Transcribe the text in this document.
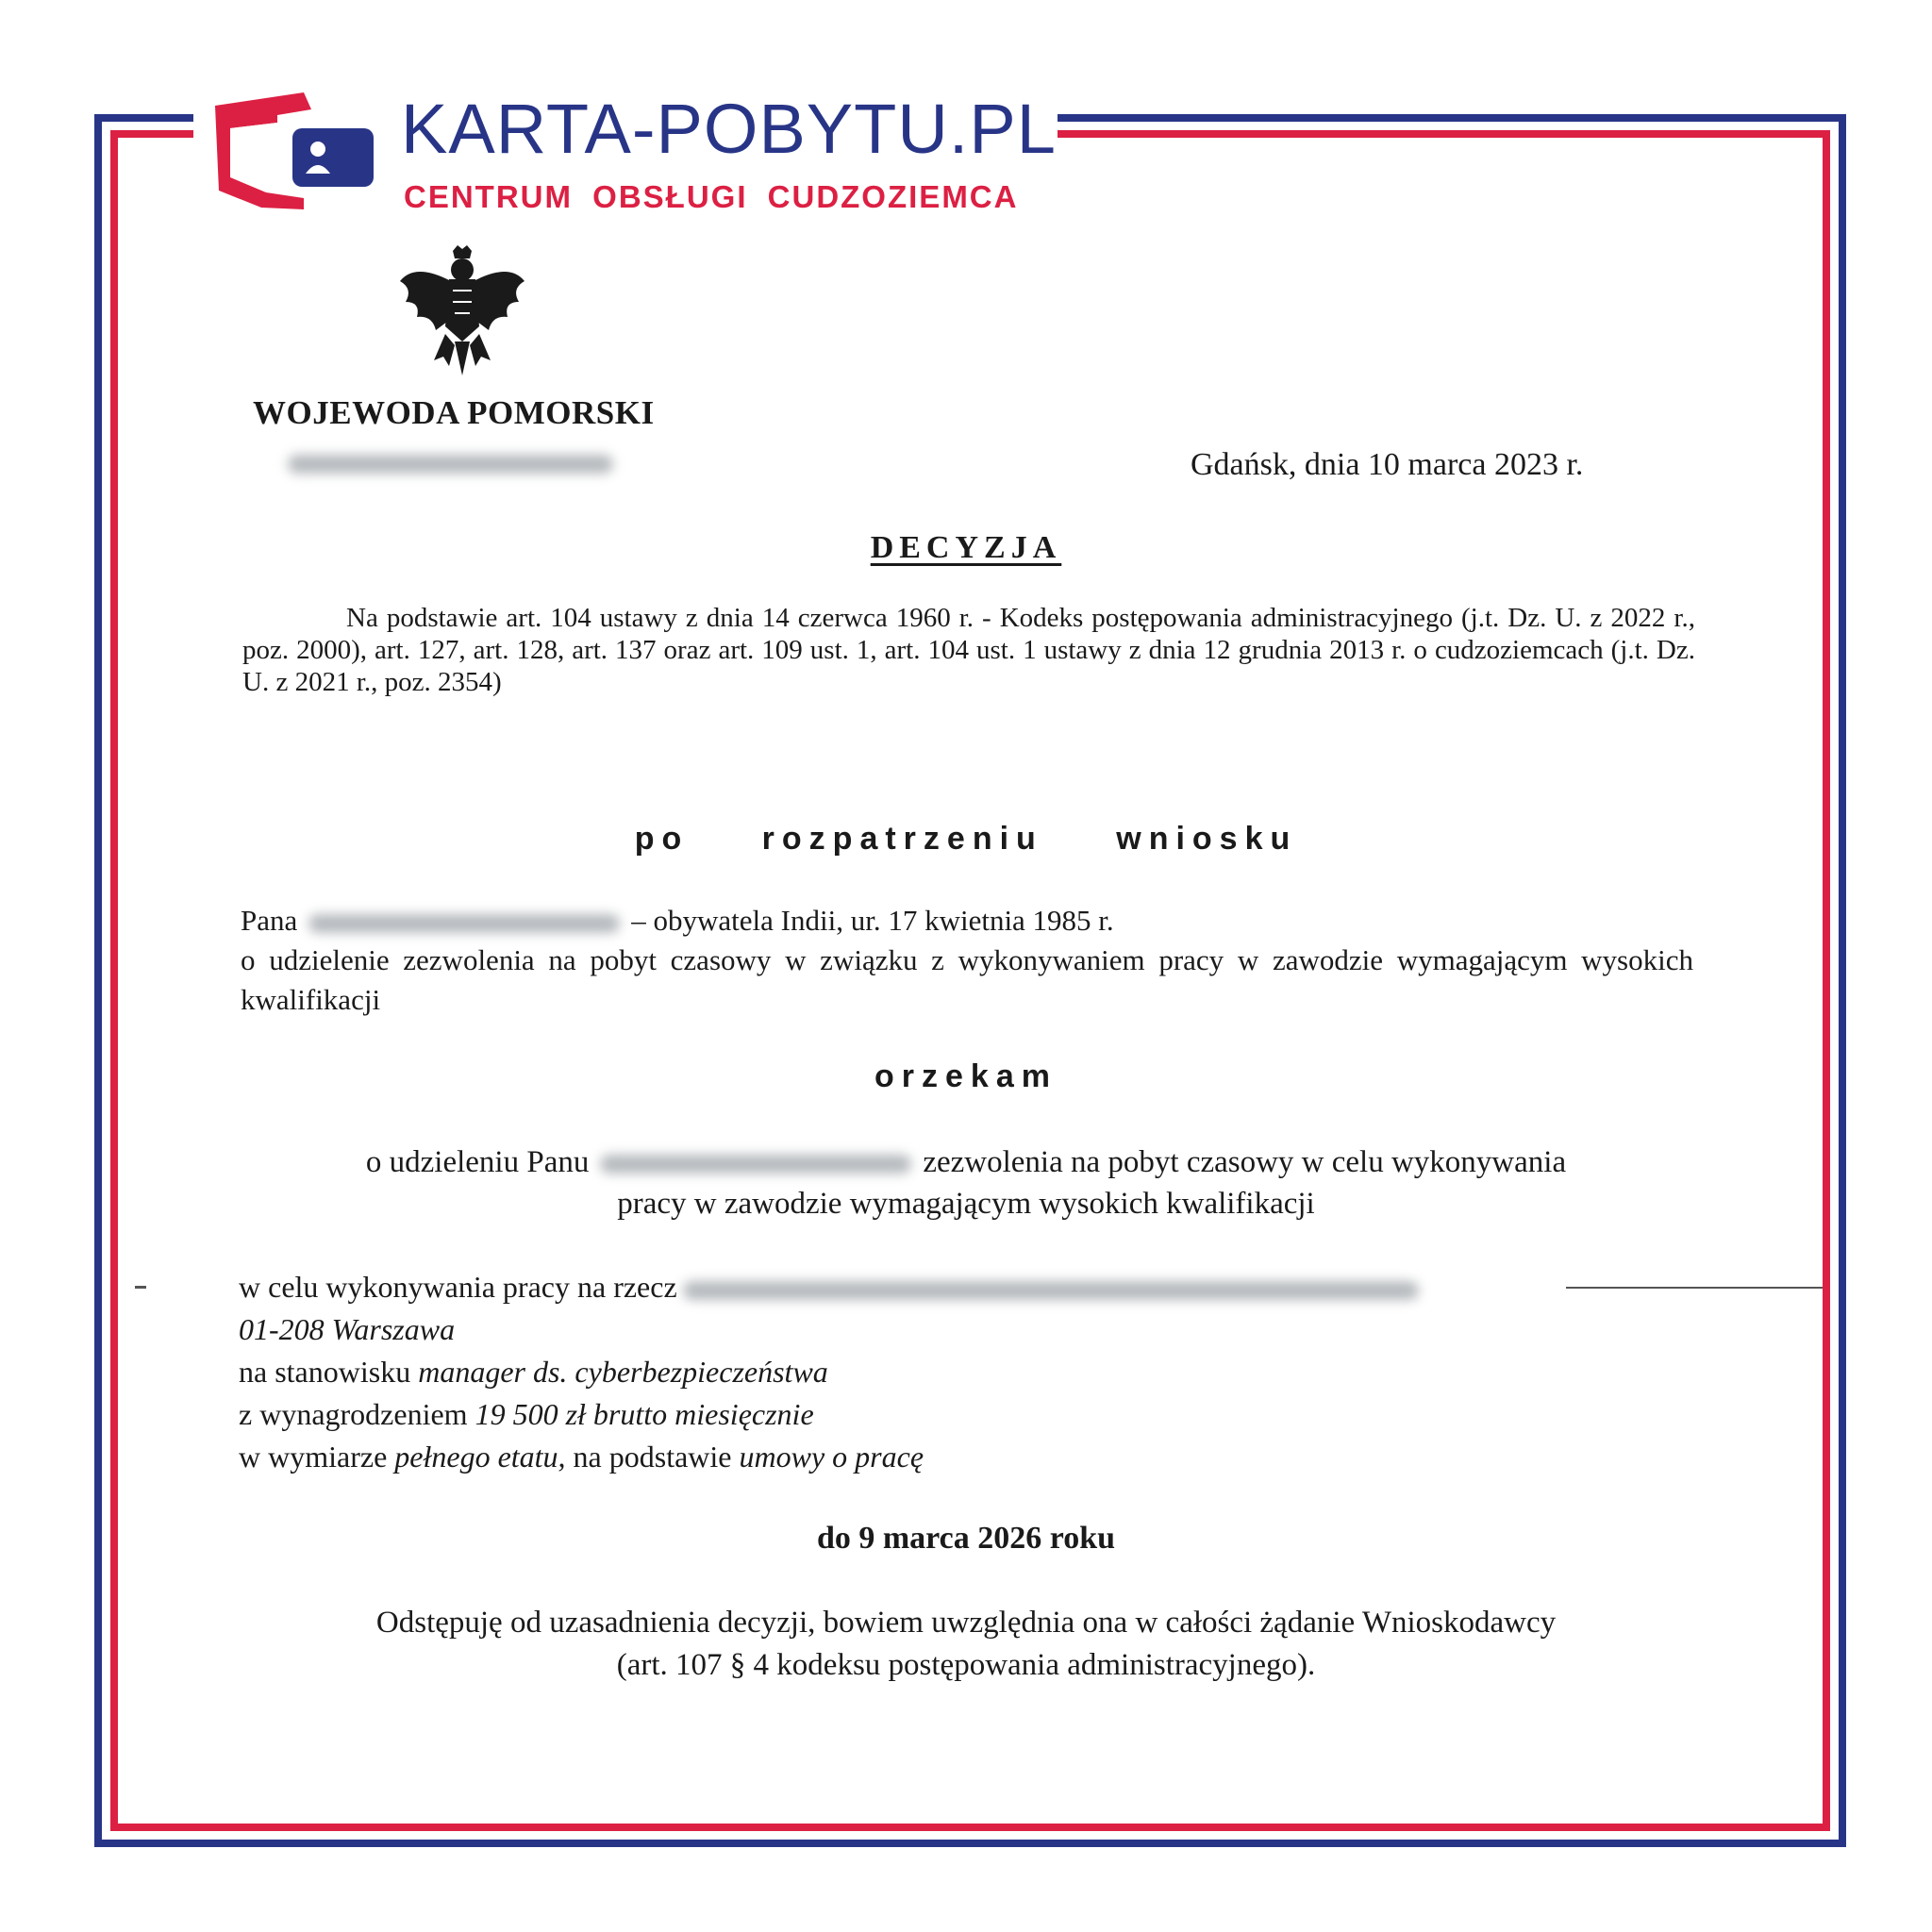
KARTA-POBYTU.PL
CENTRUM OBSŁUGI CUDZOZIEMCA
WOJEWODA POMORSKI
Gdańsk, dnia 10 marca 2023 r.
DECYZJA

Na podstawie art. 104 ustawy z dnia 14 czerwca 1960 r. - Kodeks postępowania administracyjnego (j.t. Dz. U. z 2022 r., poz. 2000), art. 127, art. 128, art. 137 oraz art. 109 ust. 1, art. 104 ust. 1 ustawy z dnia 12 grudnia 2013 r. o cudzoziemcach (j.t. Dz. U. z 2021 r., poz. 2354)

po rozpatrzeniu wniosku

Pana	– obywatela Indii, ur. 17 kwietnia 1985 r.
o udzielenie zezwolenia na pobyt czasowy w związku z wykonywaniem pracy w zawodzie wymagającym wysokich kwalifikacji

orzekam

o udzieleniu Panu	zezwolenia na pobyt czasowy w celu wykonywania
pracy w zawodzie wymagającym wysokich kwalifikacji

w celu wykonywania pracy na rzecz
01-208 Warszawa
na stanowisku manager ds. cyberbezpieczeństwa
z wynagrodzeniem 19 500 zł brutto miesięcznie
w wymiarze pełnego etatu, na podstawie umowy o pracę

do 9 marca 2026 roku

Odstępuję od uzasadnienia decyzji, bowiem uwzględnia ona w całości żądanie Wnioskodawcy
(art. 107 § 4 kodeksu postępowania administracyjnego).
